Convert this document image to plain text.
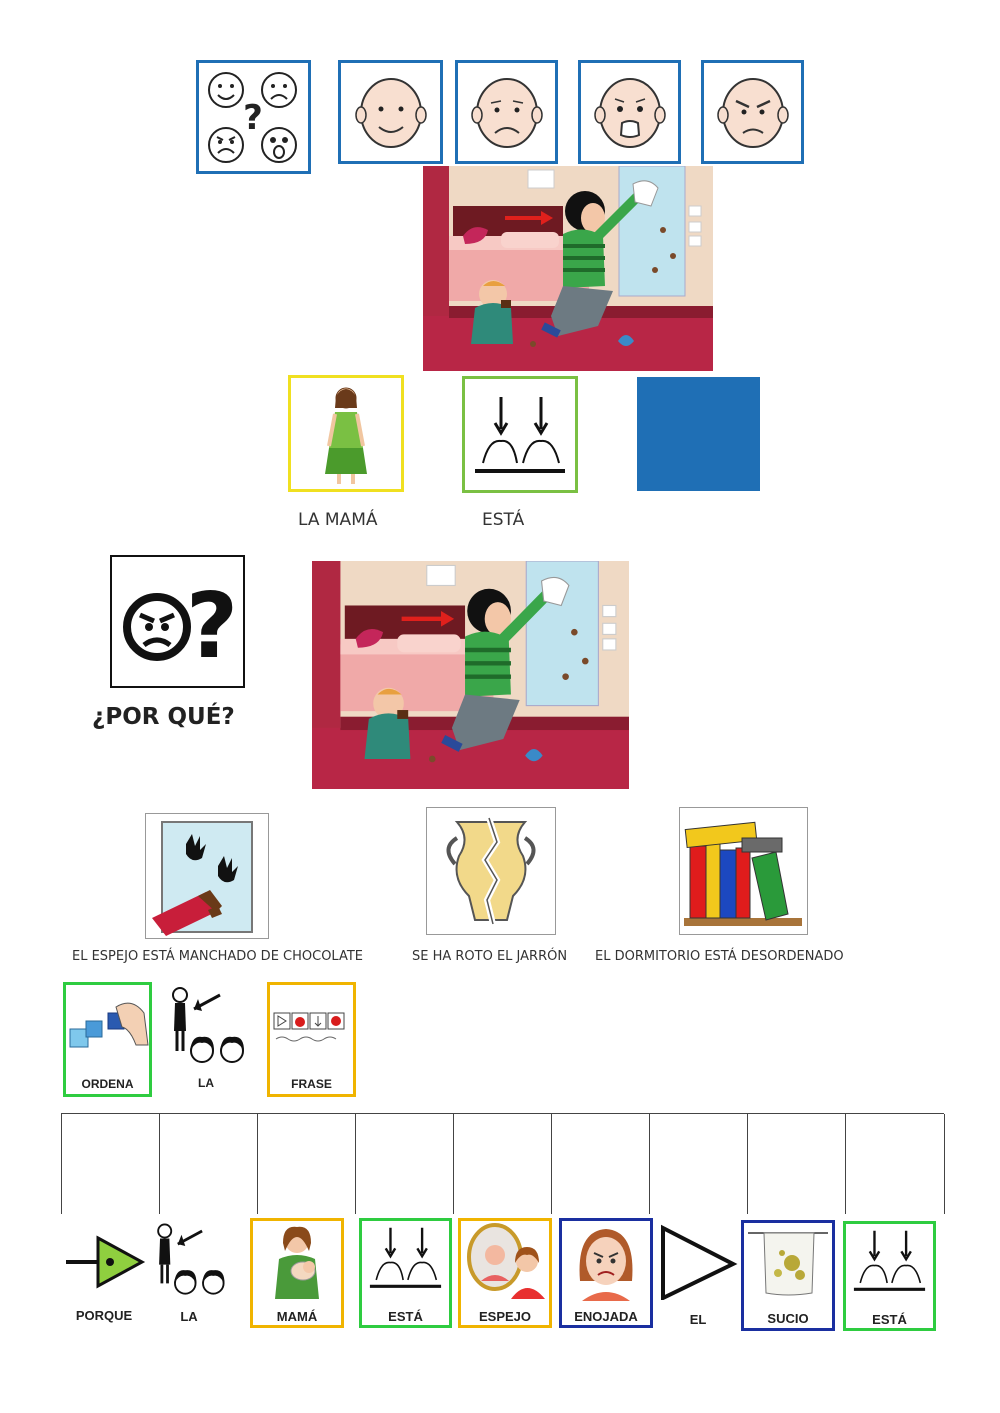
?
LA MAMÁ	ESTÁ
?
¿POR QUÉ?
EL ESPEJO ESTÁ MANCHADO DE CHOCOLATE	SE HA ROTO EL JARRÓN EL DORMITORIO ESTÁ DESORDENADO
ORDENA	LA	FRASE
PORQUE	LA	MAMÁ	ESTÁ	ESPEJO	ENOJADA	EL	SUCIO	ESTÁ
